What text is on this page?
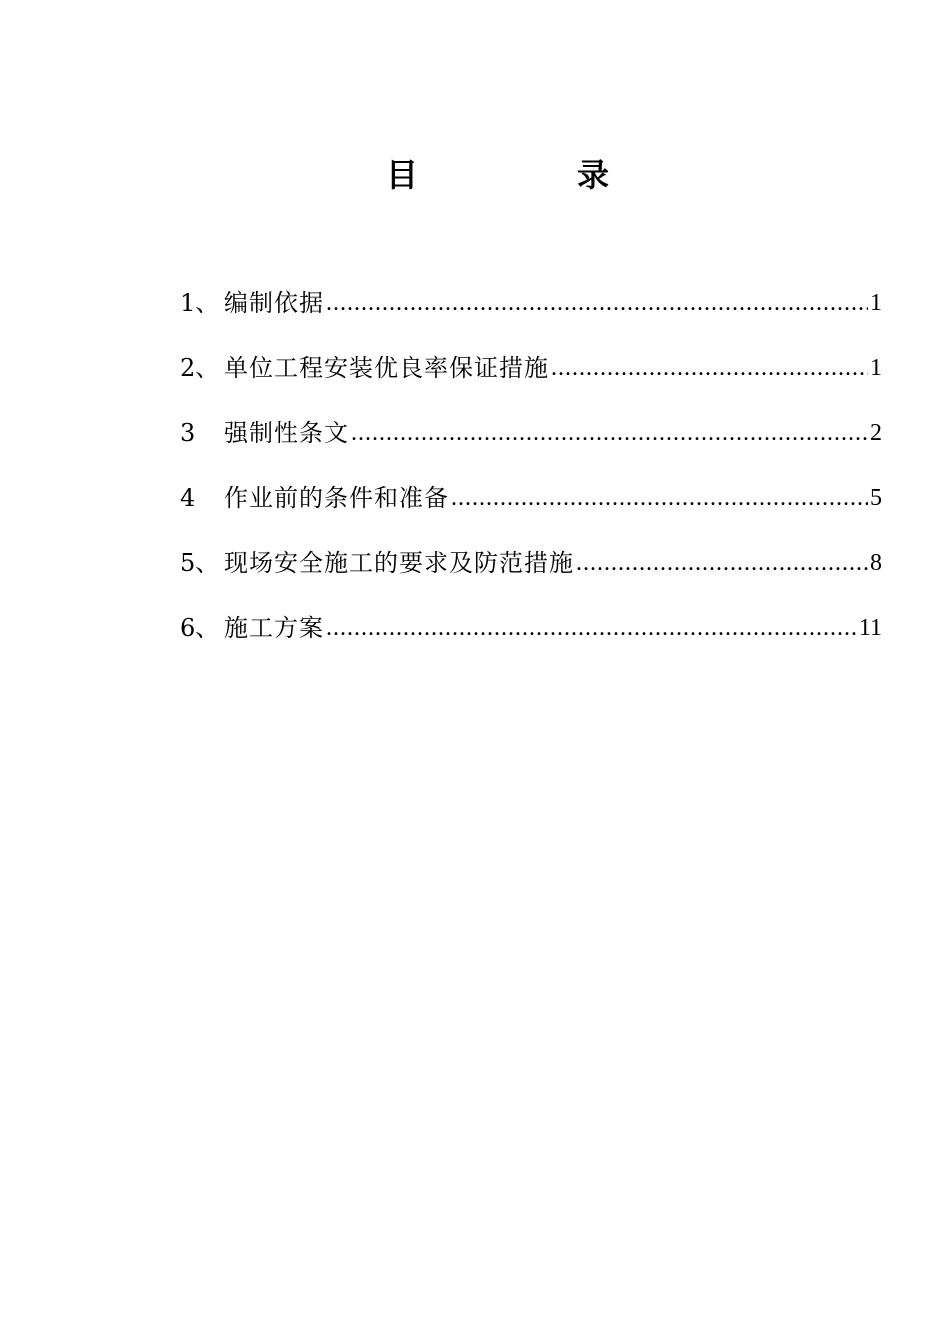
目	录
1、 编制依据 .....	1
2、 单位工程安装优良率保证措施 .....	1
3	强制性条文 .....	2
4	作业前的条件和准备 .....	5
5、 现场安全施工的要求及防范措施 .....	8
6、 施工方案 .....	11
